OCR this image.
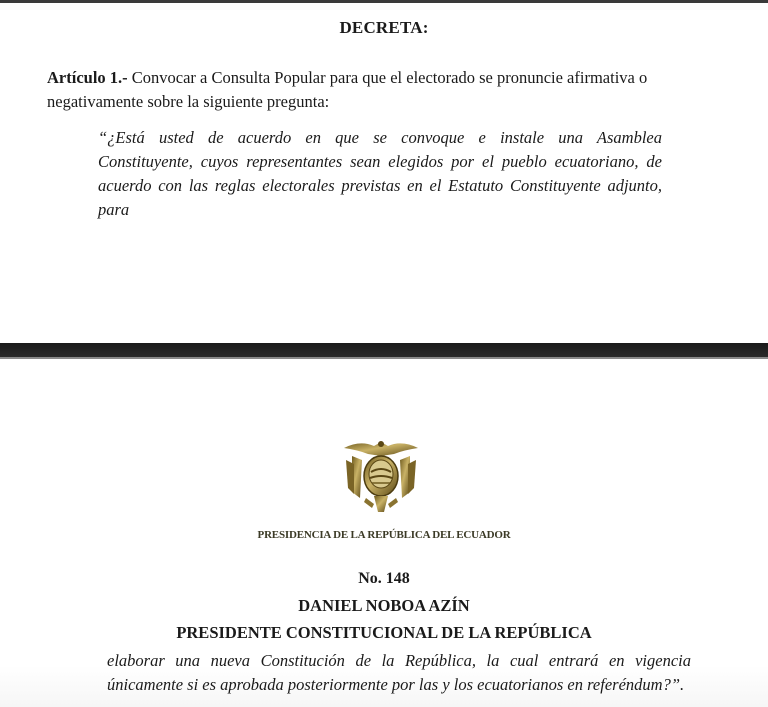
DECRETA:
Artículo 1.- Convocar a Consulta Popular para que el electorado se pronuncie afirmativa o negativamente sobre la siguiente pregunta:
“¿Está usted de acuerdo en que se convoque e instale una Asamblea
Constituyente, cuyos representantes sean elegidos por el pueblo ecuatoriano, de
acuerdo con las reglas electorales previstas en el Estatuto Constituyente adjunto, para
PRESIDENCIA DE LA REPÚBLICA DEL ECUADOR
No. 148
DANIEL NOBOA AZÍN
PRESIDENTE CONSTITUCIONAL DE LA REPÚBLICA
elaborar una nueva Constitución de la República, la cual entrará en vigencia
únicamente si es aprobada posteriormente por las y los ecuatorianos en referéndum?”.
